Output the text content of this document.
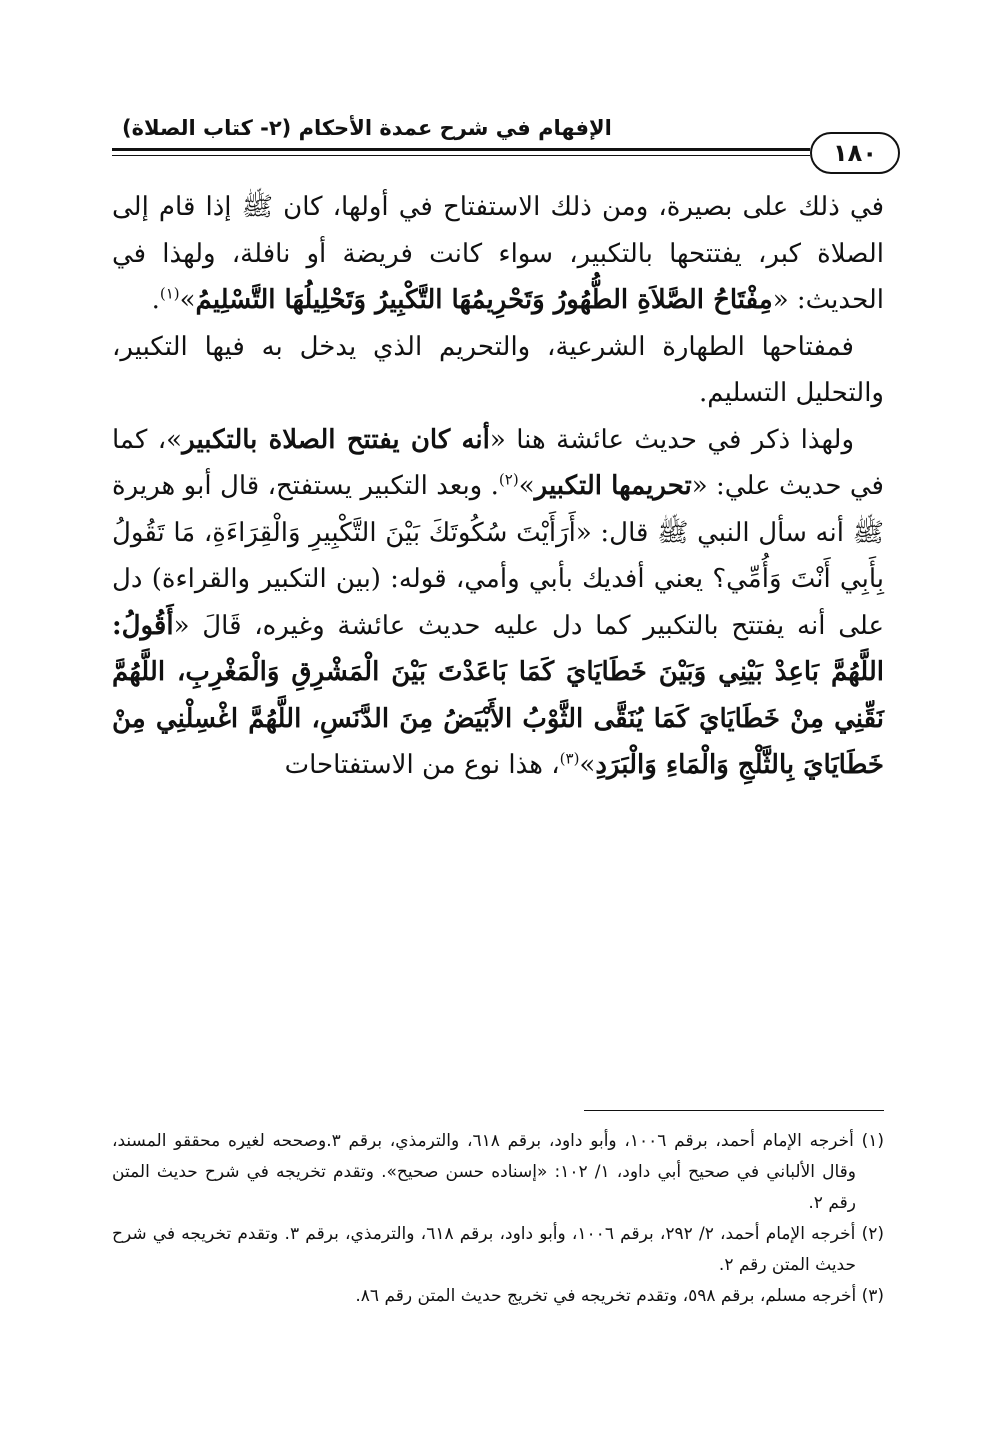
الإفهام في شرح عمدة الأحكام (٢- كتاب الصلاة)
١٨٠

في ذلك على بصيرة، ومن ذلك الاستفتاح في أولها، كان ﷺ إذا قام إلى الصلاة كبر، يفتتحها بالتكبير، سواء كانت فريضة أو نافلة، ولهذا في الحديث: «مِفْتَاحُ الصَّلاَةِ الطُّهُورُ وَتَحْرِيمُهَا التَّكْبِيرُ وَتَحْلِيلُهَا التَّسْلِيمُ»$^{(١)}$.

فمفتاحها الطهارة الشرعية، والتحريم الذي يدخل به فيها التكبير، والتحليل التسليم.

ولهذا ذكر في حديث عائشة هنا «أنه كان يفتتح الصلاة بالتكبير»، كما في حديث علي: «تحريمها التكبير»$^{(٢)}$. وبعد التكبير يستفتح، قال أبو هريرة ﷺ أنه سأل النبي ﷺ قال: «أَرَأَيْتَ سُكُوتَكَ بَيْنَ التَّكْبِيرِ وَالْقِرَاءَةِ، مَا تَقُولُ بِأَبِي أَنْتَ وَأُمِّي؟ يعني أفديك بأبي وأمي، قوله: (بين التكبير والقراءة) دل على أنه يفتتح بالتكبير كما دل عليه حديث عائشة وغيره، قَالَ «أَقُولُ: اللَّهُمَّ بَاعِدْ بَيْنِي وَبَيْنَ خَطَايَايَ كَمَا بَاعَدْتَ بَيْنَ الْمَشْرِقِ وَالْمَغْرِبِ، اللَّهُمَّ نَقِّنِي مِنْ خَطَايَايَ كَمَا يُنَقَّى الثَّوْبُ الأَبْيَضُ مِنَ الدَّنَسِ، اللَّهُمَّ اغْسِلْنِي مِنْ خَطَايَايَ بِالثَّلْجِ وَالْمَاءِ وَالْبَرَدِ»$^{(٣)}$، هذا نوع من الاستفتاحات

(١) أخرجه الإمام أحمد، برقم ١٠٠٦، وأبو داود، برقم ٦١٨، والترمذي، برقم ٣.وصححه لغيره محققو المسند، وقال الألباني في صحيح أبي داود، ١/ ١٠٢: «إسناده حسن صحيح». وتقدم تخريجه في شرح حديث المتن رقم ٢.

(٢) أخرجه الإمام أحمد، ٢/ ٢٩٢، برقم ١٠٠٦، وأبو داود، برقم ٦١٨، والترمذي، برقم ٣. وتقدم تخريجه في شرح حديث المتن رقم ٢.

(٣) أخرجه مسلم، برقم ٥٩٨، وتقدم تخريجه في تخريج حديث المتن رقم ٨٦.
